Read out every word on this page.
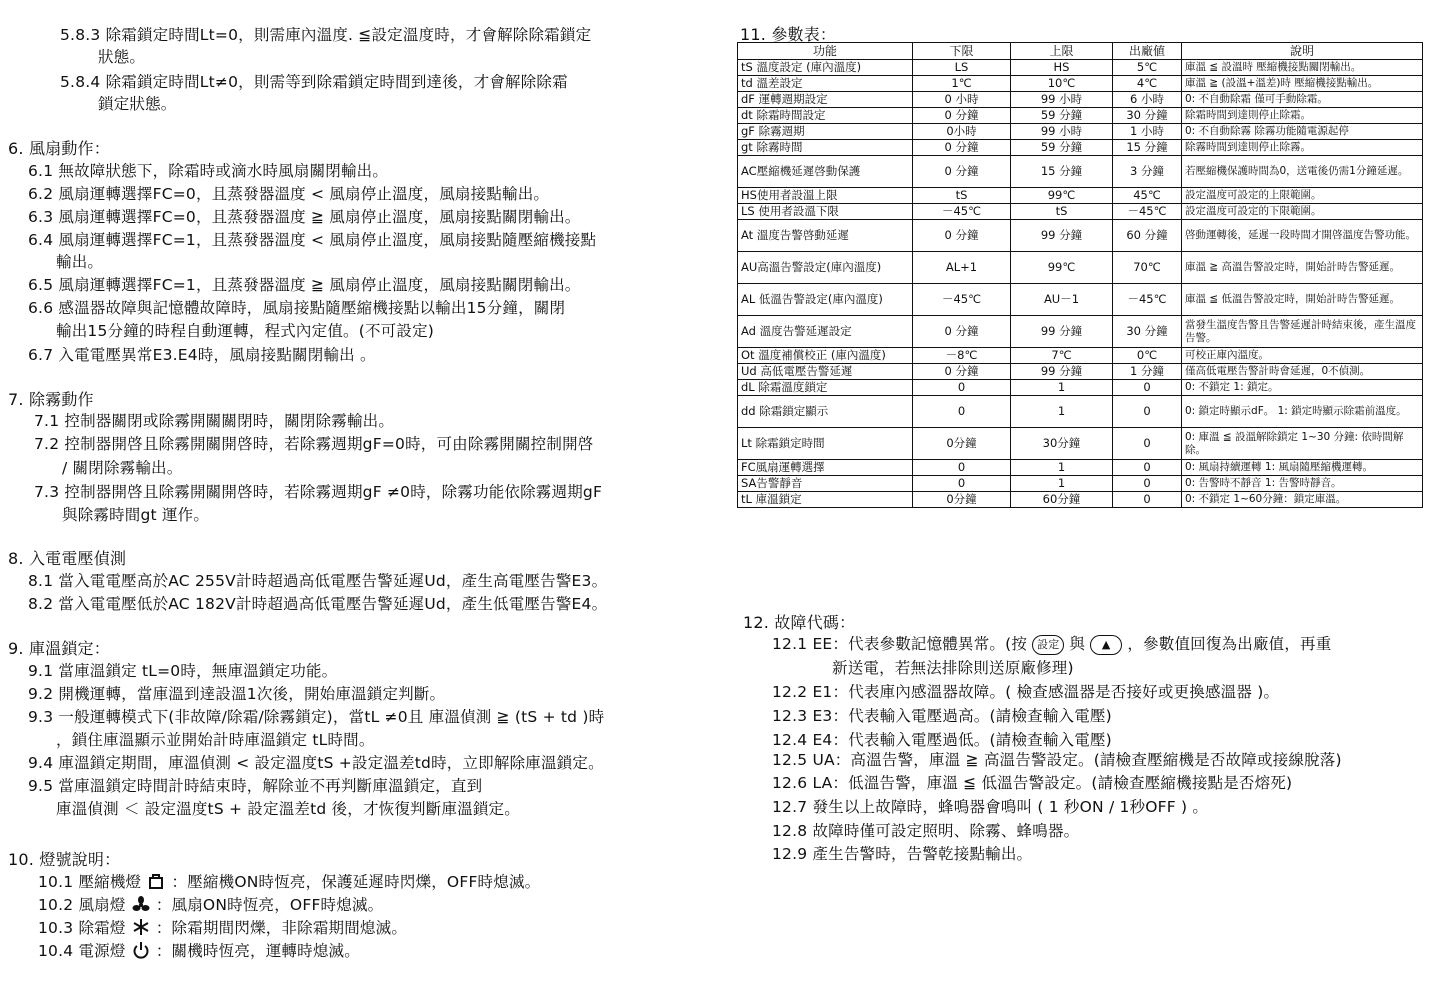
5.8.3 除霜鎖定時間Lt=0，則需庫內溫度. ≦設定溫度時，才會解除除霜鎖定
狀態。
5.8.4 除霜鎖定時間Lt≠0，則需等到除霜鎖定時間到達後，才會解除除霜
鎖定狀態。
6. 風扇動作：
6.1 無故障狀態下，除霜時或滴水時風扇關閉輸出。
6.2 風扇運轉選擇FC=0，且蒸發器溫度 < 風扇停止溫度，風扇接點輸出。
6.3 風扇運轉選擇FC=0，且蒸發器溫度 ≧ 風扇停止溫度，風扇接點關閉輸出。
6.4 風扇運轉選擇FC=1，且蒸發器溫度 < 風扇停止溫度，風扇接點隨壓縮機接點
輸出。
6.5 風扇運轉選擇FC=1，且蒸發器溫度 ≧ 風扇停止溫度，風扇接點關閉輸出。
6.6 感溫器故障與記憶體故障時，風扇接點隨壓縮機接點以輸出15分鐘，關閉
輸出15分鐘的時程自動運轉，程式內定值。(不可設定)
6.7 入電電壓異常E3.E4時，風扇接點關閉輸出 。
7. 除霧動作
7.1 控制器關閉或除霧開關關閉時，關閉除霧輸出。
7.2 控制器開啓且除霧開關開啓時，若除霧週期gF=0時，可由除霧開關控制開啓
/ 關閉除霧輸出。
7.3 控制器開啓且除霧開關開啓時，若除霧週期gF ≠0時，除霧功能依除霧週期gF
與除霧時間gt 運作。
8. 入電電壓偵測
8.1 當入電電壓高於AC 255V計時超過高低電壓告警延遲Ud，產生高電壓告警E3。
8.2 當入電電壓低於AC 182V計時超過高低電壓告警延遲Ud，產生低電壓告警E4。
9. 庫溫鎖定：
9.1 當庫溫鎖定 tL=0時，無庫溫鎖定功能。
9.2 開機運轉，當庫溫到達設溫1次後，開始庫溫鎖定判斷。
9.3 一般運轉模式下(非故障/除霜/除霧鎖定)，當tL ≠0且 庫溫偵測 ≧ (tS + td )時
，鎖住庫溫顯示並開始計時庫溫鎖定 tL時間。
9.4 庫溫鎖定期間，庫溫偵測 < 設定溫度tS +設定溫差td時，立即解除庫溫鎖定。
9.5 當庫溫鎖定時間計時結束時，解除並不再判斷庫溫鎖定，直到
庫溫偵測 ＜ 設定溫度tS + 設定溫差td 後，才恢復判斷庫溫鎖定。
10. 燈號說明：
10.1 壓縮機燈 ：壓縮機ON時恆亮，保護延遲時閃爍，OFF時熄滅。
10.2 風扇燈 ：風扇ON時恆亮，OFF時熄滅。
10.3 除霜燈 ：除霜期間閃爍，非除霜期間熄滅。
10.4 電源燈 ：關機時恆亮，運轉時熄滅。
11. 參數表：
功能	下限	上限	出廠値	說明
tS 溫度設定 (庫內溫度)	LS	HS	5℃	庫溫 ≦ 設溫時 壓縮機接點關閉輸出。
td 溫差設定	1℃	10℃	4℃	庫溫 ≧ (設溫+溫差)時 壓縮機接點輸出。
dF 運轉週期設定	0 小時	99 小時	6 小時	0: 不自動除霜 僅可手動除霜。
dt 除霜時間設定	0 分鐘	59 分鐘	30 分鐘	除霜時間到達則停止除霜。
gF 除霧週期	0小時	99 小時	1 小時	0: 不自動除霧 除霧功能隨電源起停
gt 除霧時間	0 分鐘	59 分鐘	15 分鐘	除霧時間到達則停止除霧。
AC壓縮機延遲啓動保護	0 分鐘	15 分鐘	3 分鐘	若壓縮機保護時間為0，送電後仍需1分鐘延遲。
HS使用者設溫上限	tS	99℃	45℃	設定溫度可設定的上限範圍。
LS 使用者設溫下限	－45℃	tS	－45℃	設定溫度可設定的下限範圍。
At 溫度告警啓動延遲	0 分鐘	99 分鐘	60 分鐘	啓動運轉後，延遲一段時間才開啓溫度告警功能。
AU高溫告警設定(庫內溫度)	AL+1	99℃	70℃	庫溫 ≧ 高溫告警設定時，開始計時告警延遲。
AL 低溫告警設定(庫內溫度)	－45℃	AU－1	－45℃	庫溫 ≦ 低溫告警設定時，開始計時告警延遲。
Ad 溫度告警延遲設定	0 分鐘	99 分鐘	30 分鐘	當發生溫度告警且告警延遲計時結束後，產生溫度告警。
Ot 溫度補償校正 (庫內溫度)	－8℃	7℃	0℃	可校正庫內溫度。
Ud 高低電壓告警延遲	0 分鐘	99 分鐘	1 分鐘	僅高低電壓告警計時會延遲，0不偵測。
dL 除霜溫度鎖定	0	1	0	0: 不鎖定 1: 鎖定。
dd 除霜鎖定顯示	0	1	0	0: 鎖定時顯示dF。 1: 鎖定時顯示除霜前溫度。
Lt 除霜鎖定時間	0分鐘	30分鐘	0	0: 庫溫 ≦ 設溫解除鎖定 1~30 分鐘: 依時間解除。
FC風扇運轉選擇	0	1	0	0: 風扇持續運轉 1: 風扇隨壓縮機運轉。
SA告警靜音	0	1	0	0: 告警時不靜音 1: 告警時靜音。
tL 庫溫鎖定	0分鐘	60分鐘	0	0: 不鎖定 1~60分鐘：鎖定庫溫。
12. 故障代碼：
12.1 EE：代表參數記憶體異常。(按 設定 與 ▲ ，參數值回復為出廠值，再重
新送電，若無法排除則送原廠修理)
12.2 E1：代表庫內感溫器故障。( 檢查感溫器是否接好或更換感溫器 )。
12.3 E3：代表輸入電壓過高。(請檢查輸入電壓)
12.4 E4：代表輸入電壓過低。(請檢查輸入電壓)
12.5 UA：高溫告警，庫溫 ≧ 高溫告警設定。(請檢查壓縮機是否故障或接線脫落)
12.6 LA：低溫告警，庫溫 ≦ 低溫告警設定。(請檢查壓縮機接點是否熔死)
12.7 發生以上故障時，蜂鳴器會鳴叫 ( 1 秒ON / 1秒OFF ) 。
12.8 故障時僅可設定照明、除霧、蜂鳴器。
12.9 產生告警時，告警乾接點輸出。
